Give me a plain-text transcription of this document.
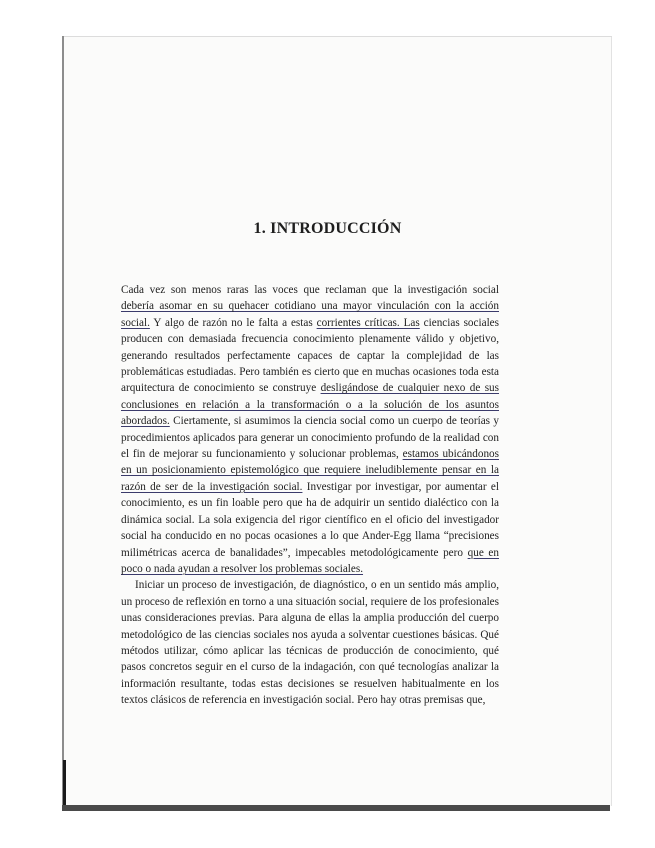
1. INTRODUCCIÓN

Cada vez son menos raras las voces que reclaman que la investigación social debería asomar en su quehacer cotidiano una mayor vinculación con la acción social. Y algo de razón no le falta a estas corrientes críticas. Las ciencias sociales producen con demasiada frecuencia conocimiento plenamente válido y objetivo, generando resultados perfectamente capaces de captar la complejidad de las problemáticas estudiadas. Pero también es cierto que en muchas ocasiones toda esta arquitectura de conocimiento se construye desligándose de cualquier nexo de sus conclusiones en relación a la transformación o a la solución de los asuntos abordados. Ciertamente, si asumimos la ciencia social como un cuerpo de teorías y procedimientos aplicados para generar un conocimiento profundo de la realidad con el fin de mejorar su funcionamiento y solucionar problemas, estamos ubicándonos en un posicionamiento epistemológico que requiere ineludiblemente pensar en la razón de ser de la investigación social. Investigar por investigar, por aumentar el conocimiento, es un fin loable pero que ha de adquirir un sentido dialéctico con la dinámica social. La sola exigencia del rigor científico en el oficio del investigador social ha conducido en no pocas ocasiones a lo que Ander-Egg llama “precisiones milimétricas acerca de banalidades”, impecables metodológicamente pero que en poco o nada ayudan a resolver los problemas sociales.

Iniciar un proceso de investigación, de diagnóstico, o en un sentido más amplio, un proceso de reflexión en torno a una situación social, requiere de los profesionales unas consideraciones previas. Para alguna de ellas la amplia producción del cuerpo metodológico de las ciencias sociales nos ayuda a solventar cuestiones básicas. Qué métodos utilizar, cómo aplicar las técnicas de producción de conocimiento, qué pasos concretos seguir en el curso de la indagación, con qué tecnologías analizar la información resultante, todas estas decisiones se resuelven habitualmente en los textos clásicos de referencia en investigación social. Pero hay otras premisas que,
